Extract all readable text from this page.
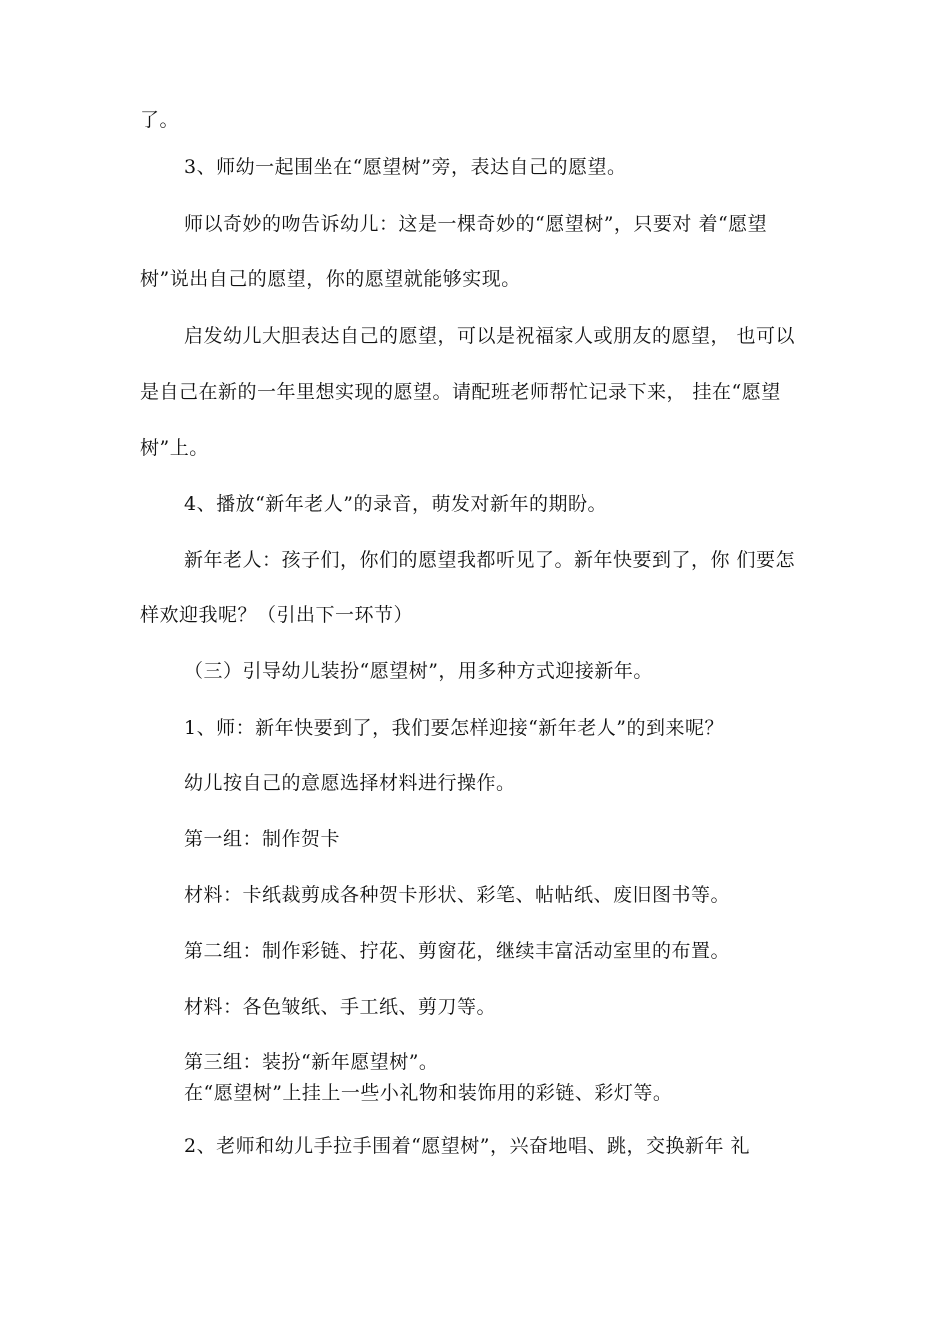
了。
3、师幼一起围坐在“愿望树”旁，表达自己的愿望。
师以奇妙的吻告诉幼儿：这是一棵奇妙的“愿望树”，只要对 着“愿望
树”说出自己的愿望，你的愿望就能够实现。
启发幼儿大胆表达自己的愿望，可以是祝福家人或朋友的愿望， 也可以
是自己在新的一年里想实现的愿望。请配班老师帮忙记录下来， 挂在“愿望
树”上。
4、播放“新年老人”的录音，萌发对新年的期盼。
新年老人：孩子们，你们的愿望我都听见了。新年快要到了，你 们要怎
样欢迎我呢？（引出下一环节）
（三）引导幼儿装扮“愿望树”，用多种方式迎接新年。
1、师：新年快要到了，我们要怎样迎接“新年老人”的到来呢？
幼儿按自己的意愿选择材料进行操作。
第一组：制作贺卡
材料：卡纸裁剪成各种贺卡形状、彩笔、帖帖纸、废旧图书等。
第二组：制作彩链、拧花、剪窗花，继续丰富活动室里的布置。
材料：各色皱纸、手工纸、剪刀等。
第三组：装扮“新年愿望树”。
在“愿望树”上挂上一些小礼物和装饰用的彩链、彩灯等。
2、老师和幼儿手拉手围着“愿望树”，兴奋地唱、跳，交换新年 礼
